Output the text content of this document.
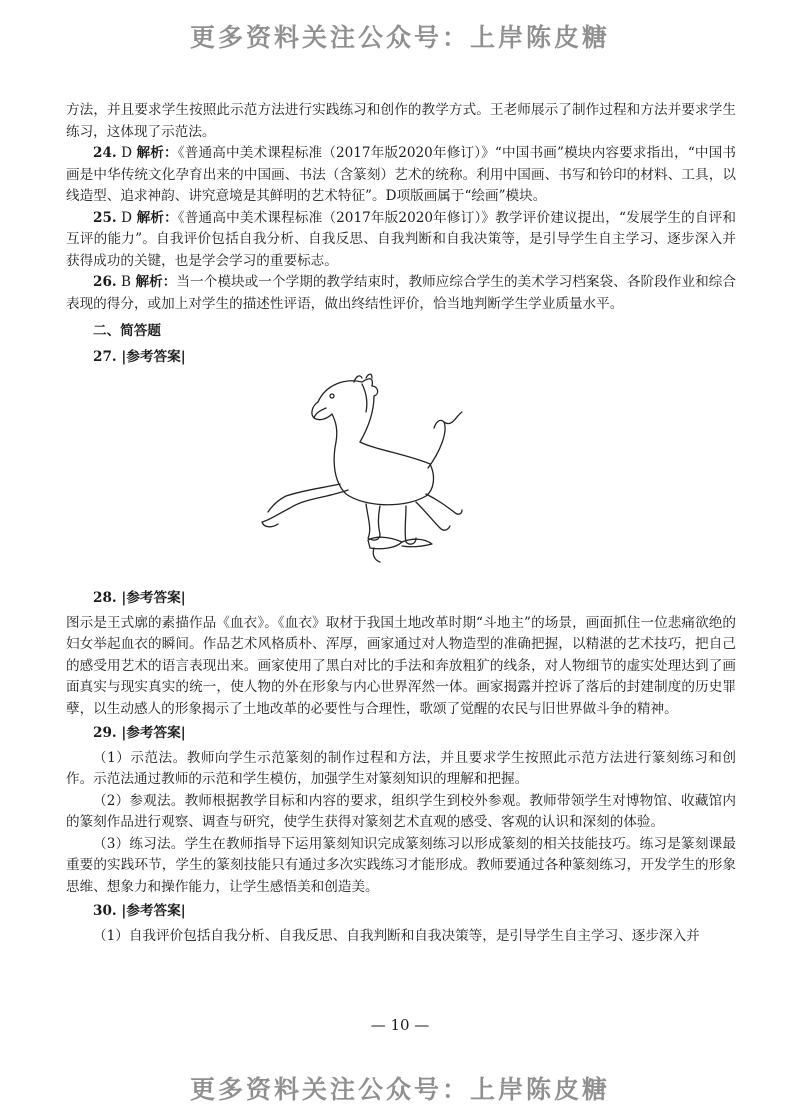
更多资料关注公众号：上岸陈皮糖

方法，并且要求学生按照此示范方法进行实践练习和创作的教学方式。王老师展示了制作过程和方法并要求学生练习，这体现了示范法。

24. D 解析：《普通高中美术课程标准（2017年版2020年修订）》“中国书画”模块内容要求指出，“中国书画是中华传统文化孕育出来的中国画、书法（含篆刻）艺术的统称。利用中国画、书写和钤印的材料、工具，以线造型、追求神韵、讲究意境是其鲜明的艺术特征”。D项版画属于“绘画”模块。

25. D 解析：《普通高中美术课程标准（2017年版2020年修订）》教学评价建议提出，“发展学生的自评和互评的能力”。自我评价包括自我分析、自我反思、自我判断和自我决策等，是引导学生自主学习、逐步深入并获得成功的关键，也是学会学习的重要标志。

26. B 解析：当一个模块或一个学期的教学结束时，教师应综合学生的美术学习档案袋、各阶段作业和综合表现的得分，或加上对学生的描述性评语，做出终结性评价，恰当地判断学生学业质量水平。

二、简答题
27. |参考答案|
28. |参考答案|

图示是王式廓的素描作品《血衣》。《血衣》取材于我国土地改革时期“斗地主”的场景，画面抓住一位悲痛欲绝的妇女举起血衣的瞬间。作品艺术风格质朴、浑厚，画家通过对人物造型的准确把握，以精湛的艺术技巧，把自己的感受用艺术的语言表现出来。画家使用了黑白对比的手法和奔放粗犷的线条，对人物细节的虚实处理达到了画面真实与现实真实的统一，使人物的外在形象与内心世界浑然一体。画家揭露并控诉了落后的封建制度的历史罪孽，以生动感人的形象揭示了土地改革的必要性与合理性，歌颂了觉醒的农民与旧世界做斗争的精神。

29. |参考答案|

（1）示范法。教师向学生示范篆刻的制作过程和方法，并且要求学生按照此示范方法进行篆刻练习和创作。示范法通过教师的示范和学生模仿，加强学生对篆刻知识的理解和把握。

（2）参观法。教师根据教学目标和内容的要求，组织学生到校外参观。教师带领学生对博物馆、收藏馆内的篆刻作品进行观察、调查与研究，使学生获得对篆刻艺术直观的感受、客观的认识和深刻的体验。

（3）练习法。学生在教师指导下运用篆刻知识完成篆刻练习以形成篆刻的相关技能技巧。练习是篆刻课最重要的实践环节，学生的篆刻技能只有通过多次实践练习才能形成。教师要通过各种篆刻练习，开发学生的形象思维、想象力和操作能力，让学生感悟美和创造美。

30. |参考答案|

（1）自我评价包括自我分析、自我反思、自我判断和自我决策等，是引导学生自主学习、逐步深入并

— 10 —
更多资料关注公众号：上岸陈皮糖
